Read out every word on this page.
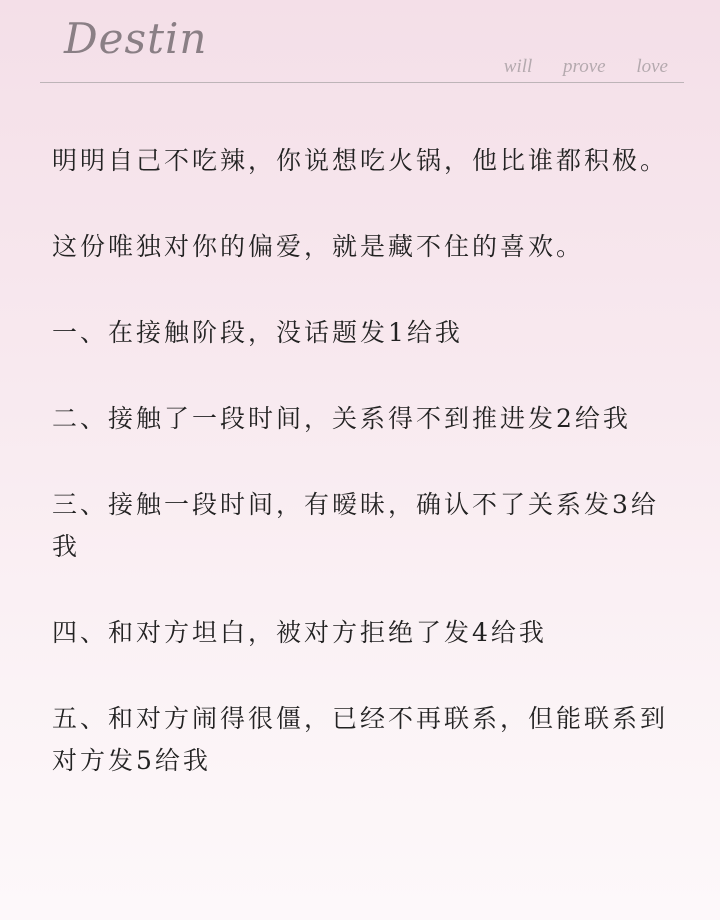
Destin
will prove love

明明自己不吃辣，你说想吃火锅，他比谁都积极。

这份唯独对你的偏爱，就是藏不住的喜欢。

一、在接触阶段，没话题发1给我

二、接触了一段时间，关系得不到推进发2给我

三、接触一段时间，有暧昧，确认不了关系发3给我

四、和对方坦白，被对方拒绝了发4给我

五、和对方闹得很僵，已经不再联系，但能联系到对方发5给我
